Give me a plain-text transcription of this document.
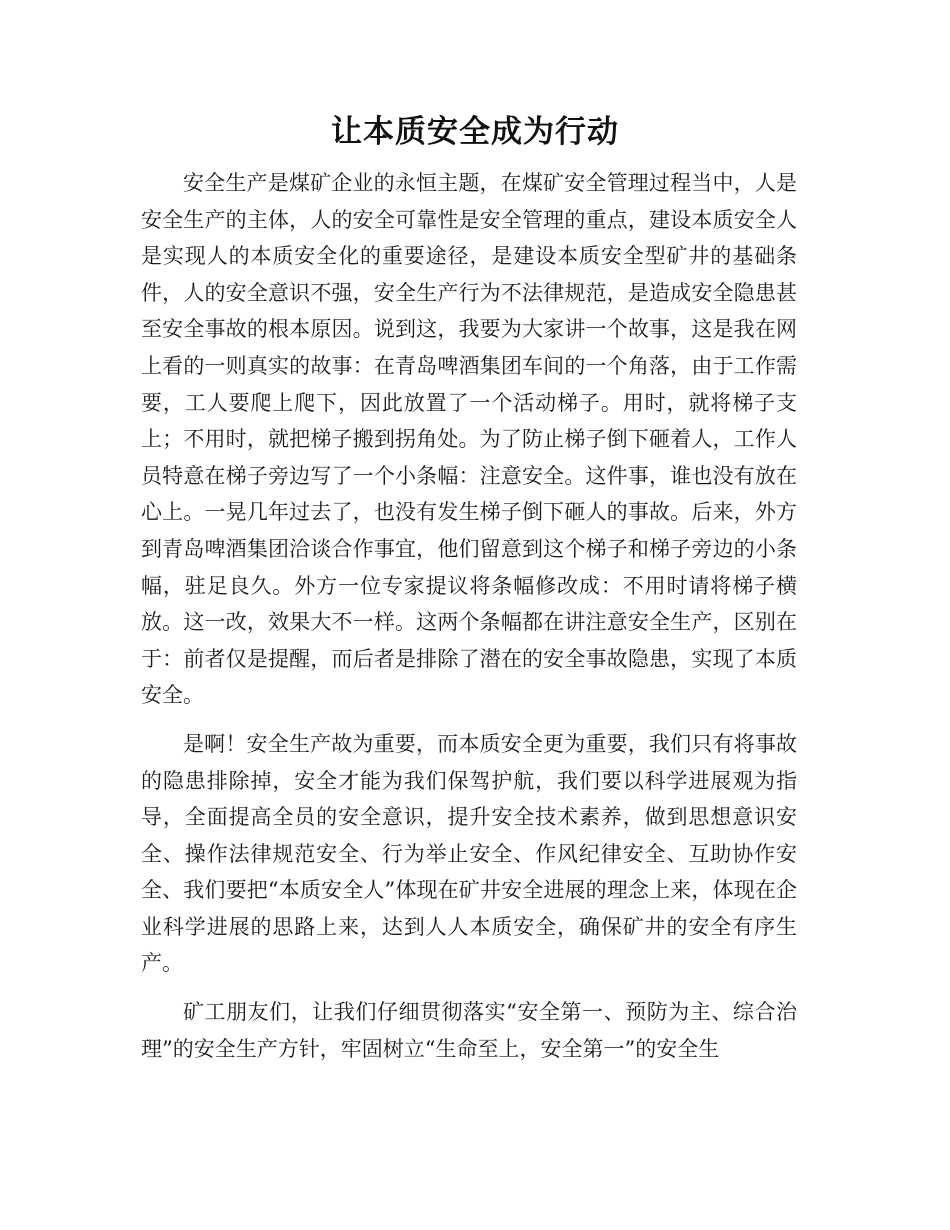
让本质安全成为行动

安全生产是煤矿企业的永恒主题，在煤矿安全管理过程当中，人是安全生产的主体，人的安全可靠性是安全管理的重点，建设本质安全人是实现人的本质安全化的重要途径，是建设本质安全型矿井的基础条件，人的安全意识不强，安全生产行为不法律规范，是造成安全隐患甚至安全事故的根本原因。说到这，我要为大家讲一个故事，这是我在网上看的一则真实的故事：在青岛啤酒集团车间的一个角落，由于工作需要，工人要爬上爬下，因此放置了一个活动梯子。用时，就将梯子支上；不用时，就把梯子搬到拐角处。为了防止梯子倒下砸着人，工作人员特意在梯子旁边写了一个小条幅：注意安全。这件事，谁也没有放在心上。一晃几年过去了，也没有发生梯子倒下砸人的事故。后来，外方到青岛啤酒集团洽谈合作事宜，他们留意到这个梯子和梯子旁边的小条幅，驻足良久。外方一位专家提议将条幅修改成：不用时请将梯子横放。这一改，效果大不一样。这两个条幅都在讲注意安全生产，区别在于：前者仅是提醒，而后者是排除了潜在的安全事故隐患，实现了本质安全。

是啊！安全生产故为重要，而本质安全更为重要，我们只有将事故的隐患排除掉，安全才能为我们保驾护航，我们要以科学进展观为指导，全面提高全员的安全意识，提升安全技术素养，做到思想意识安全、操作法律规范安全、行为举止安全、作风纪律安全、互助协作安全、我们要把“本质安全人”体现在矿井安全进展的理念上来，体现在企业科学进展的思路上来，达到人人本质安全，确保矿井的安全有序生产。

矿工朋友们，让我们仔细贯彻落实“安全第一、预防为主、综合治理”的安全生产方针，牢固树立“生命至上，安全第一”的安全生
